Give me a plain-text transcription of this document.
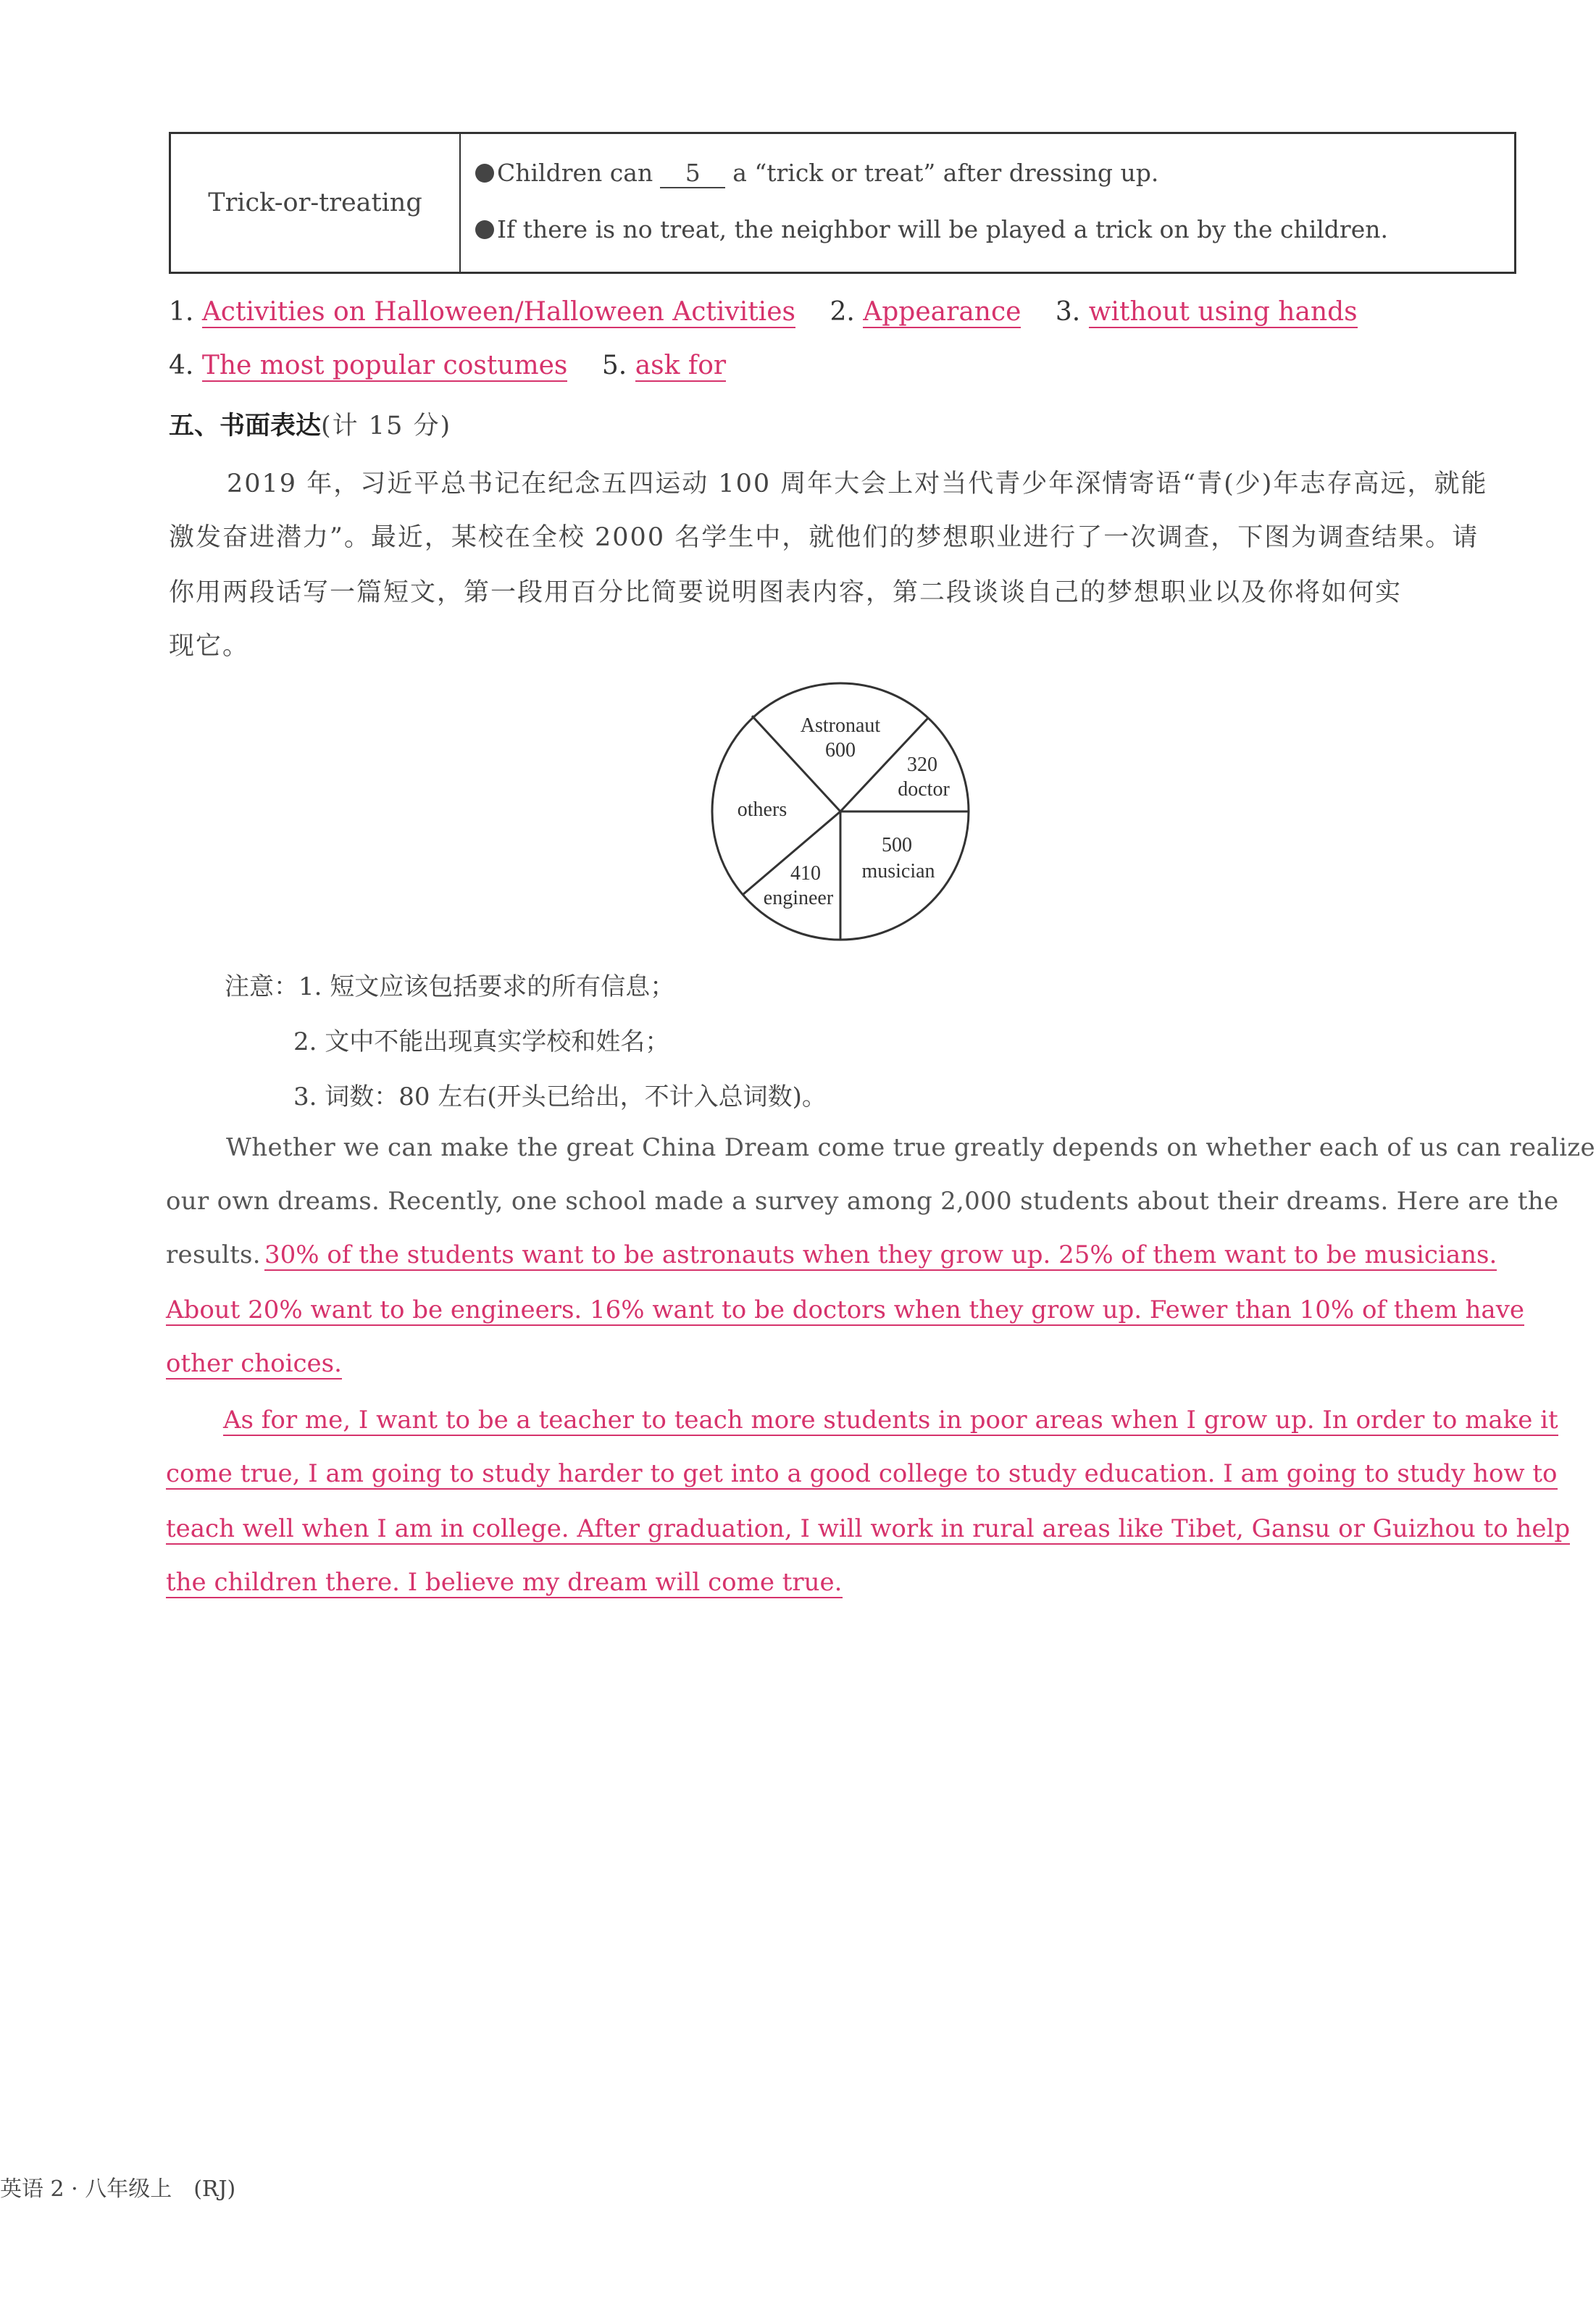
Trick-or-treating
Children can 5 a “trick or treat” after dressing up.
If there is no treat, the neighbor will be played a trick on by the children.
1. Activities on Halloween/Halloween Activities 2. Appearance 3. without using hands
4. The most popular costumes 5. ask for
五、书面表达(计 15 分)
2019 年，习近平总书记在纪念五四运动 100 周年大会上对当代青少年深情寄语“青(少)年志存高远，就能
激发奋进潜力”。最近，某校在全校 2000 名学生中，就他们的梦想职业进行了一次调查，下图为调查结果。请
你用两段话写一篇短文，第一段用百分比简要说明图表内容，第二段谈谈自己的梦想职业以及你将如何实
现它。
Astronaut
600
320
doctor
500
musician
410
engineer
others
注意：1. 短文应该包括要求的所有信息；
2. 文中不能出现真实学校和姓名；
3. 词数：80 左右(开头已给出，不计入总词数)。
Whether we can make the great China Dream come true greatly depends on whether each of us can realize
our own dreams. Recently, one school made a survey among 2,000 students about their dreams. Here are the
results. 30% of the students want to be astronauts when they grow up. 25% of them want to be musicians.
About 20% want to be engineers. 16% want to be doctors when they grow up. Fewer than 10% of them have
other choices.
As for me, I want to be a teacher to teach more students in poor areas when I grow up. In order to make it
come true, I am going to study harder to get into a good college to study education. I am going to study how to
teach well when I am in college. After graduation, I will work in rural areas like Tibet, Gansu or Guizhou to help
the children there. I believe my dream will come true.
英语 2 · 八年级上　(RJ)
